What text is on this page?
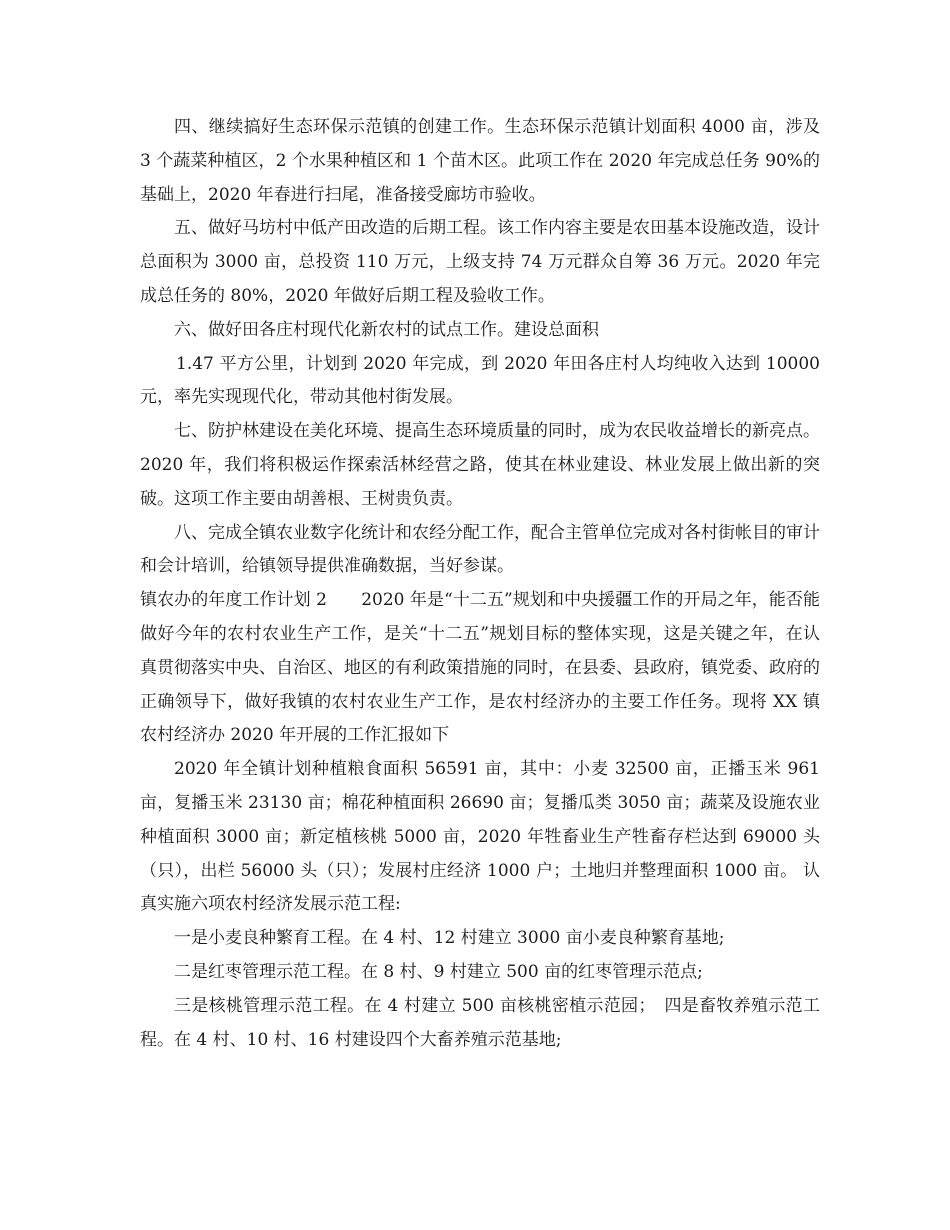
四、继续搞好生态环保示范镇的创建工作。生态环保示范镇计划面积 4000 亩，涉及 3 个蔬菜种植区，2 个水果种植区和 1 个苗木区。此项工作在 2020 年完成总任务 90%的基础上，2020 年春进行扫尾，准备接受廊坊市验收。

五、做好马坊村中低产田改造的后期工程。该工作内容主要是农田基本设施改造，设计总面积为 3000 亩，总投资 110 万元，上级支持 74 万元群众自筹 36 万元。2020 年完成总任务的 80%，2020 年做好后期工程及验收工作。

六、做好田各庄村现代化新农村的试点工作。建设总面积

1.47 平方公里，计划到 2020 年完成，到 2020 年田各庄村人均纯收入达到 10000 元，率先实现现代化，带动其他村街发展。

七、防护林建设在美化环境、提高生态环境质量的同时，成为农民收益增长的新亮点。2020 年，我们将积极运作探索活林经营之路，使其在林业建设、林业发展上做出新的突破。这项工作主要由胡善根、王树贵负责。

八、完成全镇农业数字化统计和农经分配工作，配合主管单位完成对各村街帐目的审计和会计培训，给镇领导提供准确数据，当好参谋。

镇农办的年度工作计划 2　　2020 年是“十二五”规划和中央援疆工作的开局之年，能否能做好今年的农村农业生产工作，是关“十二五”规划目标的整体实现，这是关键之年，在认真贯彻落实中央、自治区、地区的有利政策措施的同时，在县委、县政府，镇党委、政府的正确领导下，做好我镇的农村农业生产工作，是农村经济办的主要工作任务。现将 XX 镇农村经济办 2020 年开展的工作汇报如下

2020 年全镇计划种植粮食面积 56591 亩，其中：小麦 32500 亩，正播玉米 961 亩，复播玉米 23130 亩；棉花种植面积 26690 亩；复播瓜类 3050 亩；蔬菜及设施农业种植面积 3000 亩；新定植核桃 5000 亩，2020 年牲畜业生产牲畜存栏达到 69000 头（只），出栏 56000 头（只）；发展村庄经济 1000 户；土地归并整理面积 1000 亩。 认真实施六项农村经济发展示范工程:

一是小麦良种繁育工程。在 4 村、12 村建立 3000 亩小麦良种繁育基地;

二是红枣管理示范工程。在 8 村、9 村建立 500 亩的红枣管理示范点;

三是核桃管理示范工程。在 4 村建立 500 亩核桃密植示范园；　四是畜牧养殖示范工程。在 4 村、10 村、16 村建设四个大畜养殖示范基地;
